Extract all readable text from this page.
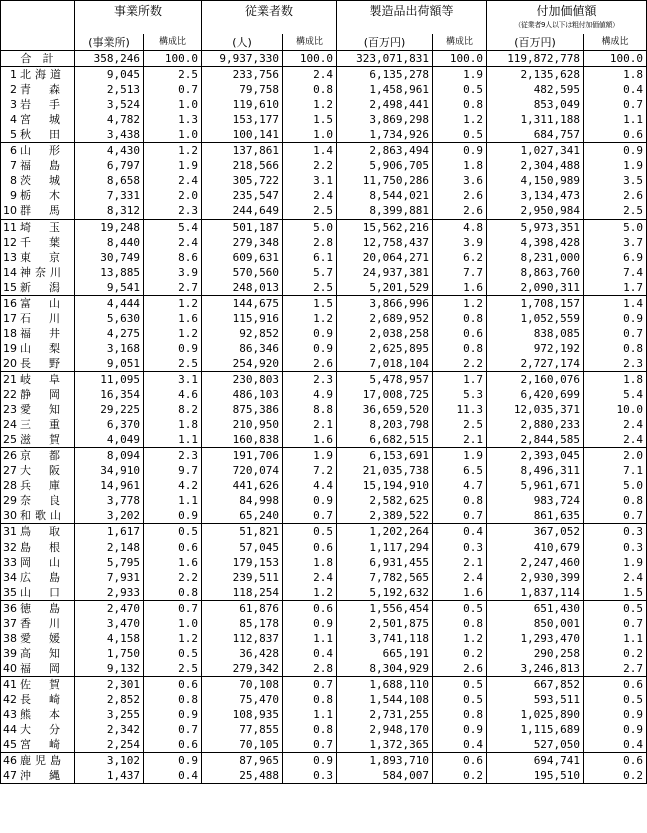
	事業所数		従業者数		製造品出荷額等		付加価値額
（従業者9人以下は粗付加価値額）	

	(事業所)	構成比	(人)	構成比	(百万円)	構成比	(百万円)	構成比
合　計	358,246	100.0	9,937,330	100.0	323,071,831	100.0	119,872,778	100.0
1 北海道	9,045	2.5	233,756	2.4	6,135,278	1.9	2,135,628	1.8
2 青森	2,513	0.7	79,758	0.8	1,458,961	0.5	482,595	0.4
3 岩手	3,524	1.0	119,610	1.2	2,498,441	0.8	853,049	0.7
4 宮城	4,782	1.3	153,177	1.5	3,869,298	1.2	1,311,188	1.1
5 秋田	3,438	1.0	100,141	1.0	1,734,926	0.5	684,757	0.6
6 山形	4,430	1.2	137,861	1.4	2,863,494	0.9	1,027,341	0.9
7 福島	6,797	1.9	218,566	2.2	5,906,705	1.8	2,304,488	1.9
8 茨城	8,658	2.4	305,722	3.1	11,750,286	3.6	4,150,989	3.5
9 栃木	7,331	2.0	235,547	2.4	8,544,021	2.6	3,134,473	2.6
10 群馬	8,312	2.3	244,649	2.5	8,399,881	2.6	2,950,984	2.5
11 埼玉	19,248	5.4	501,187	5.0	15,562,216	4.8	5,973,351	5.0
12 千葉	8,440	2.4	279,348	2.8	12,758,437	3.9	4,398,428	3.7
13 東京	30,749	8.6	609,631	6.1	20,064,271	6.2	8,231,000	6.9
14 神奈川	13,885	3.9	570,560	5.7	24,937,381	7.7	8,863,760	7.4
15 新潟	9,541	2.7	248,013	2.5	5,201,529	1.6	2,090,311	1.7
16 富山	4,444	1.2	144,675	1.5	3,866,996	1.2	1,708,157	1.4
17 石川	5,630	1.6	115,916	1.2	2,689,952	0.8	1,052,559	0.9
18 福井	4,275	1.2	92,852	0.9	2,038,258	0.6	838,085	0.7
19 山梨	3,168	0.9	86,346	0.9	2,625,895	0.8	972,192	0.8
20 長野	9,051	2.5	254,920	2.6	7,018,104	2.2	2,727,174	2.3
21 岐阜	11,095	3.1	230,803	2.3	5,478,957	1.7	2,160,076	1.8
22 静岡	16,354	4.6	486,103	4.9	17,008,725	5.3	6,420,699	5.4
23 愛知	29,225	8.2	875,386	8.8	36,659,520	11.3	12,035,371	10.0
24 三重	6,370	1.8	210,950	2.1	8,203,798	2.5	2,880,233	2.4
25 滋賀	4,049	1.1	160,838	1.6	6,682,515	2.1	2,844,585	2.4
26 京都	8,094	2.3	191,706	1.9	6,153,691	1.9	2,393,045	2.0
27 大阪	34,910	9.7	720,074	7.2	21,035,738	6.5	8,496,311	7.1
28 兵庫	14,961	4.2	441,626	4.4	15,194,910	4.7	5,961,671	5.0
29 奈良	3,778	1.1	84,998	0.9	2,582,625	0.8	983,724	0.8
30 和歌山	3,202	0.9	65,240	0.7	2,389,522	0.7	861,635	0.7
31 鳥取	1,617	0.5	51,821	0.5	1,202,264	0.4	367,052	0.3
32 島根	2,148	0.6	57,045	0.6	1,117,294	0.3	410,679	0.3
33 岡山	5,795	1.6	179,153	1.8	6,931,455	2.1	2,247,460	1.9
34 広島	7,931	2.2	239,511	2.4	7,782,565	2.4	2,930,399	2.4
35 山口	2,933	0.8	118,254	1.2	5,192,632	1.6	1,837,114	1.5
36 徳島	2,470	0.7	61,876	0.6	1,556,454	0.5	651,430	0.5
37 香川	3,470	1.0	85,178	0.9	2,501,875	0.8	850,001	0.7
38 愛媛	4,158	1.2	112,837	1.1	3,741,118	1.2	1,293,470	1.1
39 高知	1,750	0.5	36,428	0.4	665,191	0.2	290,258	0.2
40 福岡	9,132	2.5	279,342	2.8	8,304,929	2.6	3,246,813	2.7
41 佐賀	2,301	0.6	70,108	0.7	1,688,110	0.5	667,852	0.6
42 長崎	2,852	0.8	75,470	0.8	1,544,108	0.5	593,511	0.5
43 熊本	3,255	0.9	108,935	1.1	2,731,255	0.8	1,025,890	0.9
44 大分	2,342	0.7	77,855	0.8	2,948,170	0.9	1,115,689	0.9
45 宮崎	2,254	0.6	70,105	0.7	1,372,365	0.4	527,050	0.4
46 鹿児島	3,102	0.9	87,965	0.9	1,893,710	0.6	694,741	0.6
47 沖縄	1,437	0.4	25,488	0.3	584,007	0.2	195,510	0.2
